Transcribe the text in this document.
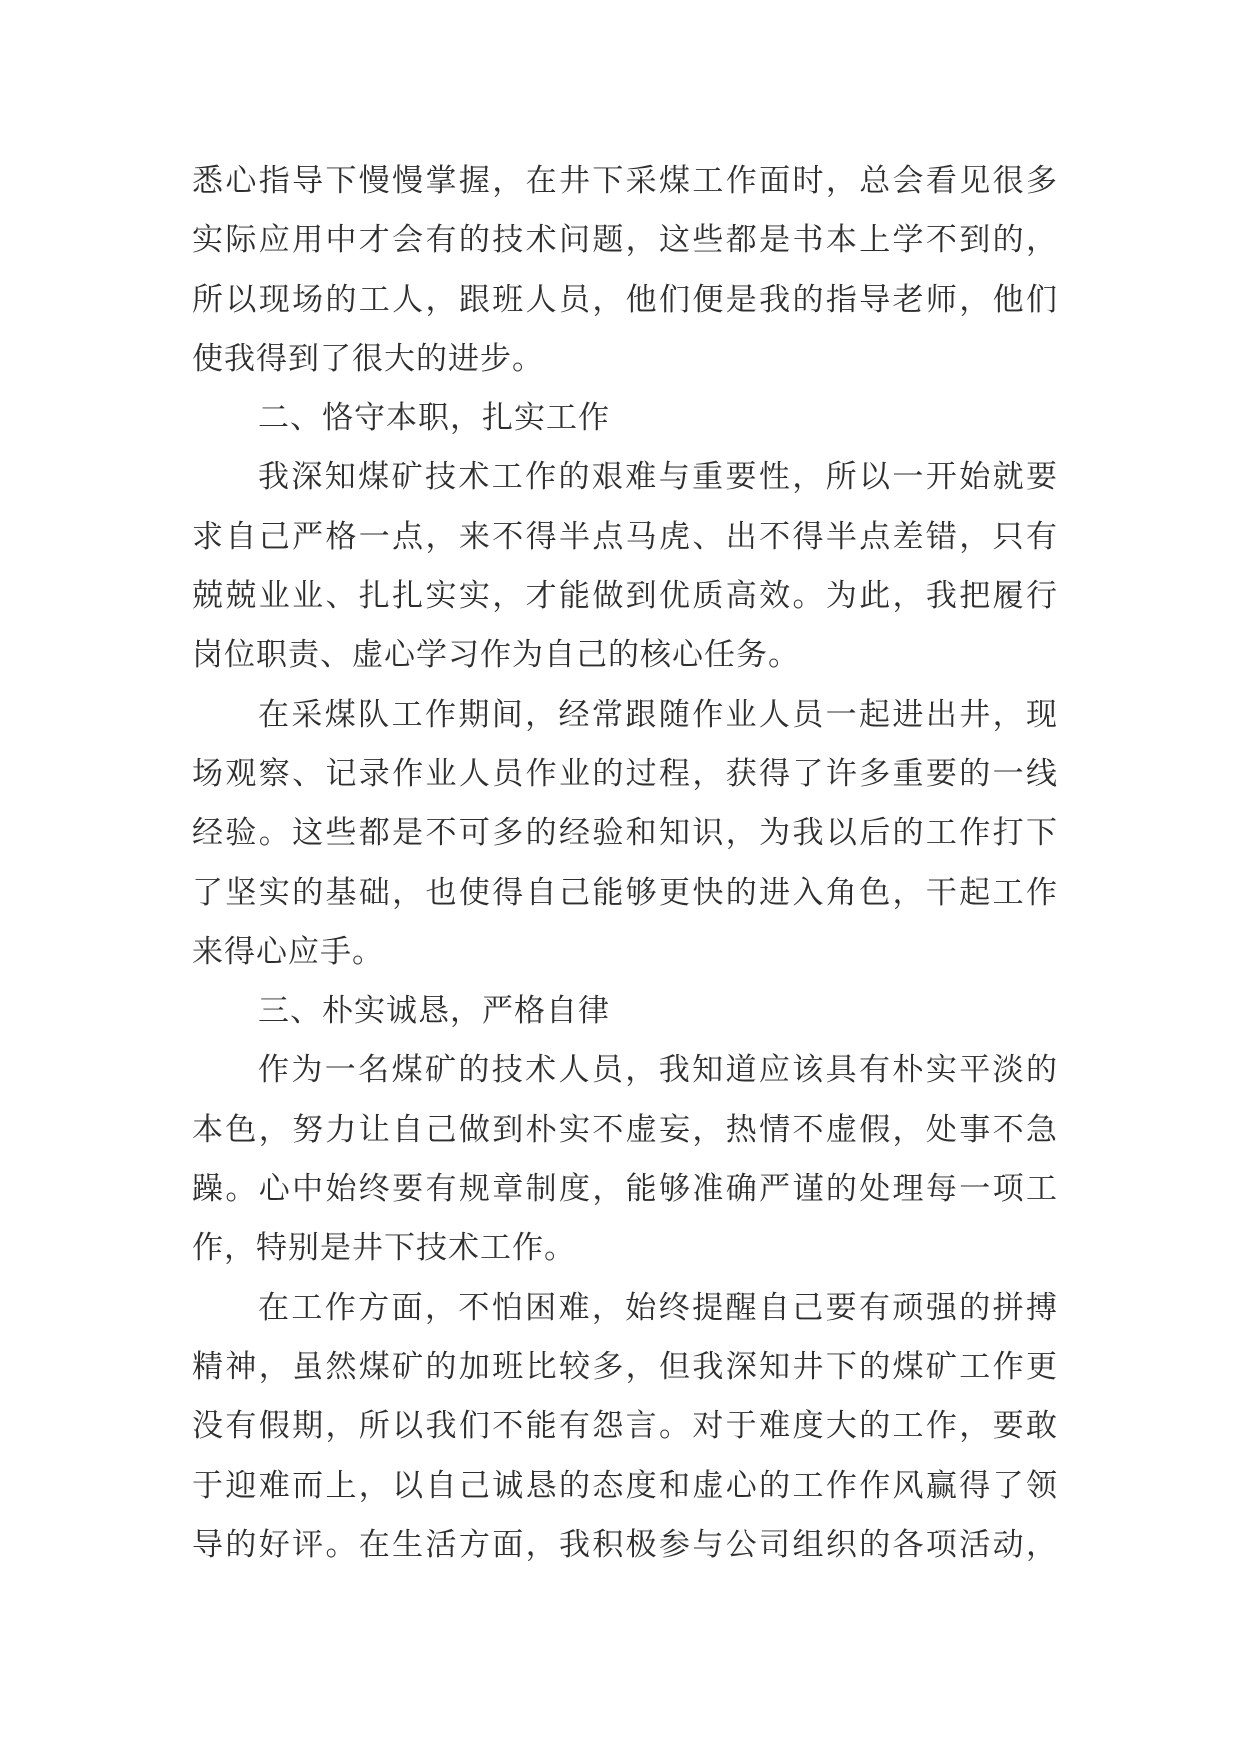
悉心指导下慢慢掌握，在井下采煤工作面时，总会看见很多
实际应用中才会有的技术问题，这些都是书本上学不到的，
所以现场的工人，跟班人员，他们便是我的指导老师，他们
使我得到了很大的进步。
二、恪守本职，扎实工作
我深知煤矿技术工作的艰难与重要性，所以一开始就要
求自己严格一点，来不得半点马虎、出不得半点差错，只有
兢兢业业、扎扎实实，才能做到优质高效。为此，我把履行
岗位职责、虚心学习作为自己的核心任务。
在采煤队工作期间，经常跟随作业人员一起进出井，现
场观察、记录作业人员作业的过程，获得了许多重要的一线
经验。这些都是不可多的经验和知识，为我以后的工作打下
了坚实的基础，也使得自己能够更快的进入角色，干起工作
来得心应手。
三、朴实诚恳，严格自律
作为一名煤矿的技术人员，我知道应该具有朴实平淡的
本色，努力让自己做到朴实不虚妄，热情不虚假，处事不急
躁。心中始终要有规章制度，能够准确严谨的处理每一项工
作，特别是井下技术工作。
在工作方面，不怕困难，始终提醒自己要有顽强的拼搏
精神，虽然煤矿的加班比较多，但我深知井下的煤矿工作更
没有假期，所以我们不能有怨言。对于难度大的工作，要敢
于迎难而上，以自己诚恳的态度和虚心的工作作风赢得了领
导的好评。在生活方面，我积极参与公司组织的各项活动，
